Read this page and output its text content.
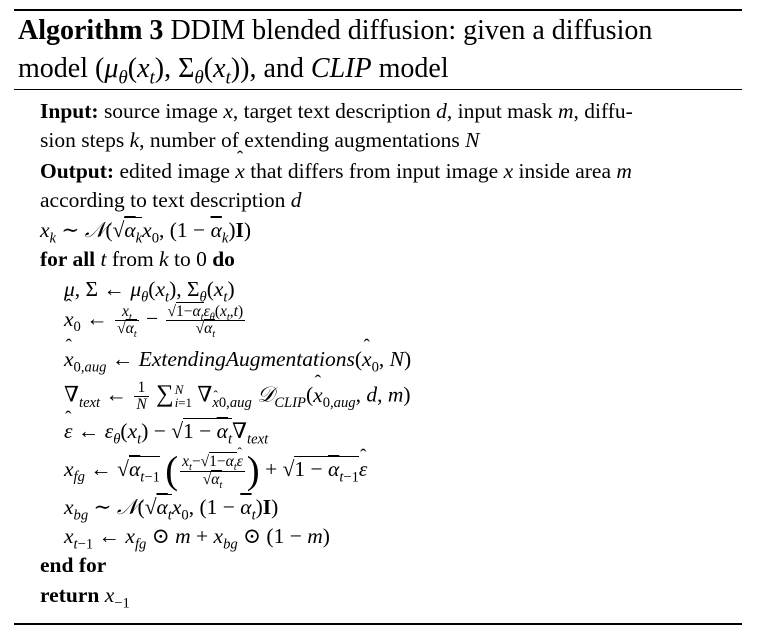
Algorithm 3 DDIM blended diffusion: given a diffusion
model ($\mu_\theta(x_t)$, $\Sigma_\theta(x_t)$), and CLIP model
Input: source image x, target text description d, input mask m, diffu-
sion steps k, number of extending augmentations N
Output: edited image ̂ x that differs from input image x inside area m
according to text description d
$x_k$ ∼ $𝒩(√\alpha_kx_0$, $(1 - \overline{\alpha}_k)I$)
for all t from k to 0 do
μ, Σ ← $\mu_\theta(x_t)$, $\Sigma_\theta(x_t)$
̂ $x_0$ ← $\frac{x_t}{√\alpha_t} - \frac{√1-\overline{\alpha}_t\varepsilon_\theta(x_t,t)}{√\alpha_t}$
̂ $x_{0,aug}$ ← ExtendingAugmentations(̂ $x_0$, N)
$\nabla_{text}$ ← $\frac{1}{N}$ ∑ N
i=1 $\nabla_{x0,aug}$ 𝒟$_{CLIP}$(̂ $x_{0,aug}$, d, m)
ˆ ε ← $\varepsilon_\theta(x_t) - √1 - \overline{\alpha}_t\nabla_{text}$
$x_{fg}$ ← $√\alpha_{t-1}$ ( $\frac{x_t-√1-\overline{\alpha}_tˆ \varepsilon}{√\alpha_t}$ ) + $√1 - \overline{\alpha}_{t-1}ˆ$ ε
$x_{bg}$ ∼ $𝒩(√\alpha_tx_0$, $(1 - \overline{\alpha}_t)I$)
$x_{t-1}$ ← $x_{fg}$ ⊙ $m + x_{bg}$ ⊙ (1 − m)
end for
return $x_{-1}$
